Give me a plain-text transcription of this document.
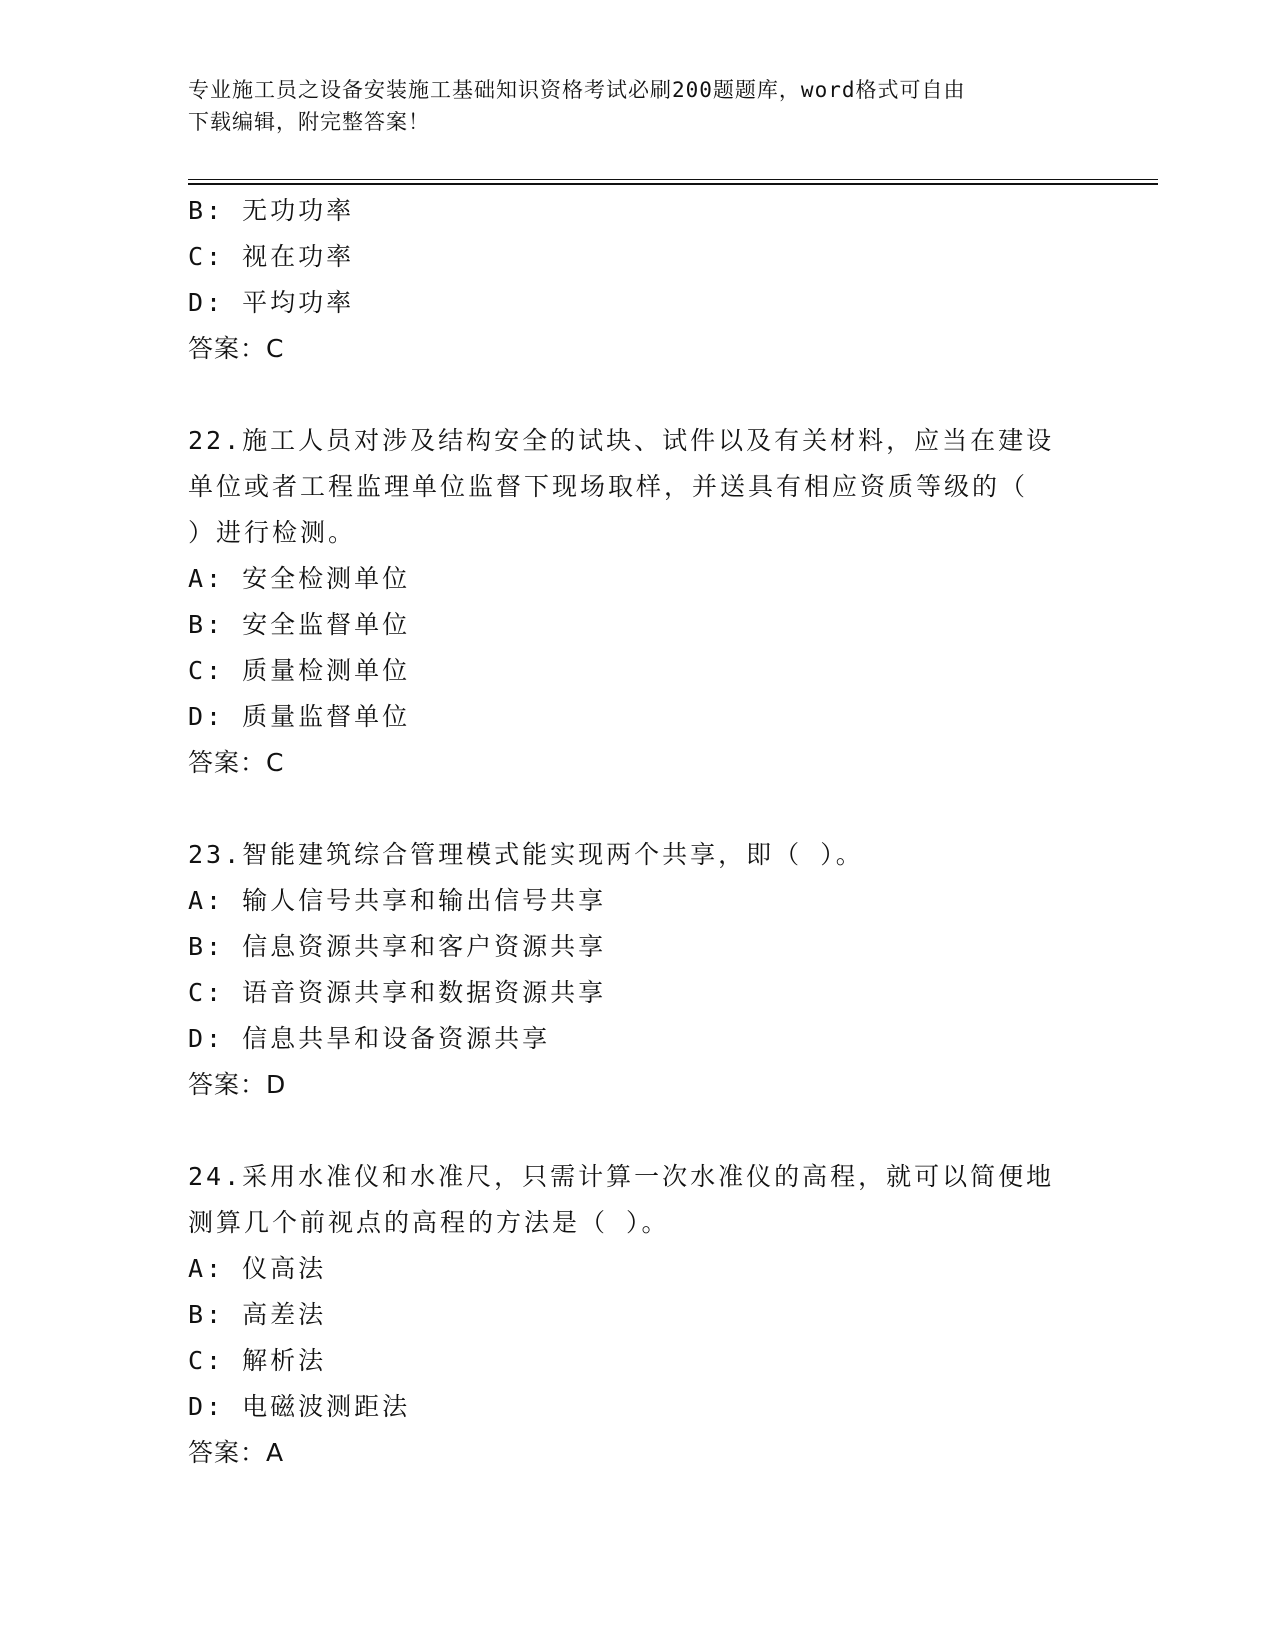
专业施工员之设备安装施工基础知识资格考试必刷200题题库，word格式可自由
下载编辑，附完整答案！
B: 无功功率
C: 视在功率
D: 平均功率
答案：C
22.施工人员对涉及结构安全的试块、试件以及有关材料，应当在建设
单位或者工程监理单位监督下现场取样，并送具有相应资质等级的（
）进行检测。
A: 安全检测单位
B: 安全监督单位
C: 质量检测单位
D: 质量监督单位
答案：C
23.智能建筑综合管理模式能实现两个共享，即（ ）。
A: 输人信号共享和输出信号共享
B: 信息资源共享和客户资源共享
C: 语音资源共享和数据资源共享
D: 信息共旱和设备资源共享
答案：D
24.采用水准仪和水准尺，只需计算一次水准仪的高程，就可以简便地
测算几个前视点的高程的方法是（ ）。
A: 仪高法
B: 高差法
C: 解析法
D: 电磁波测距法
答案：A
